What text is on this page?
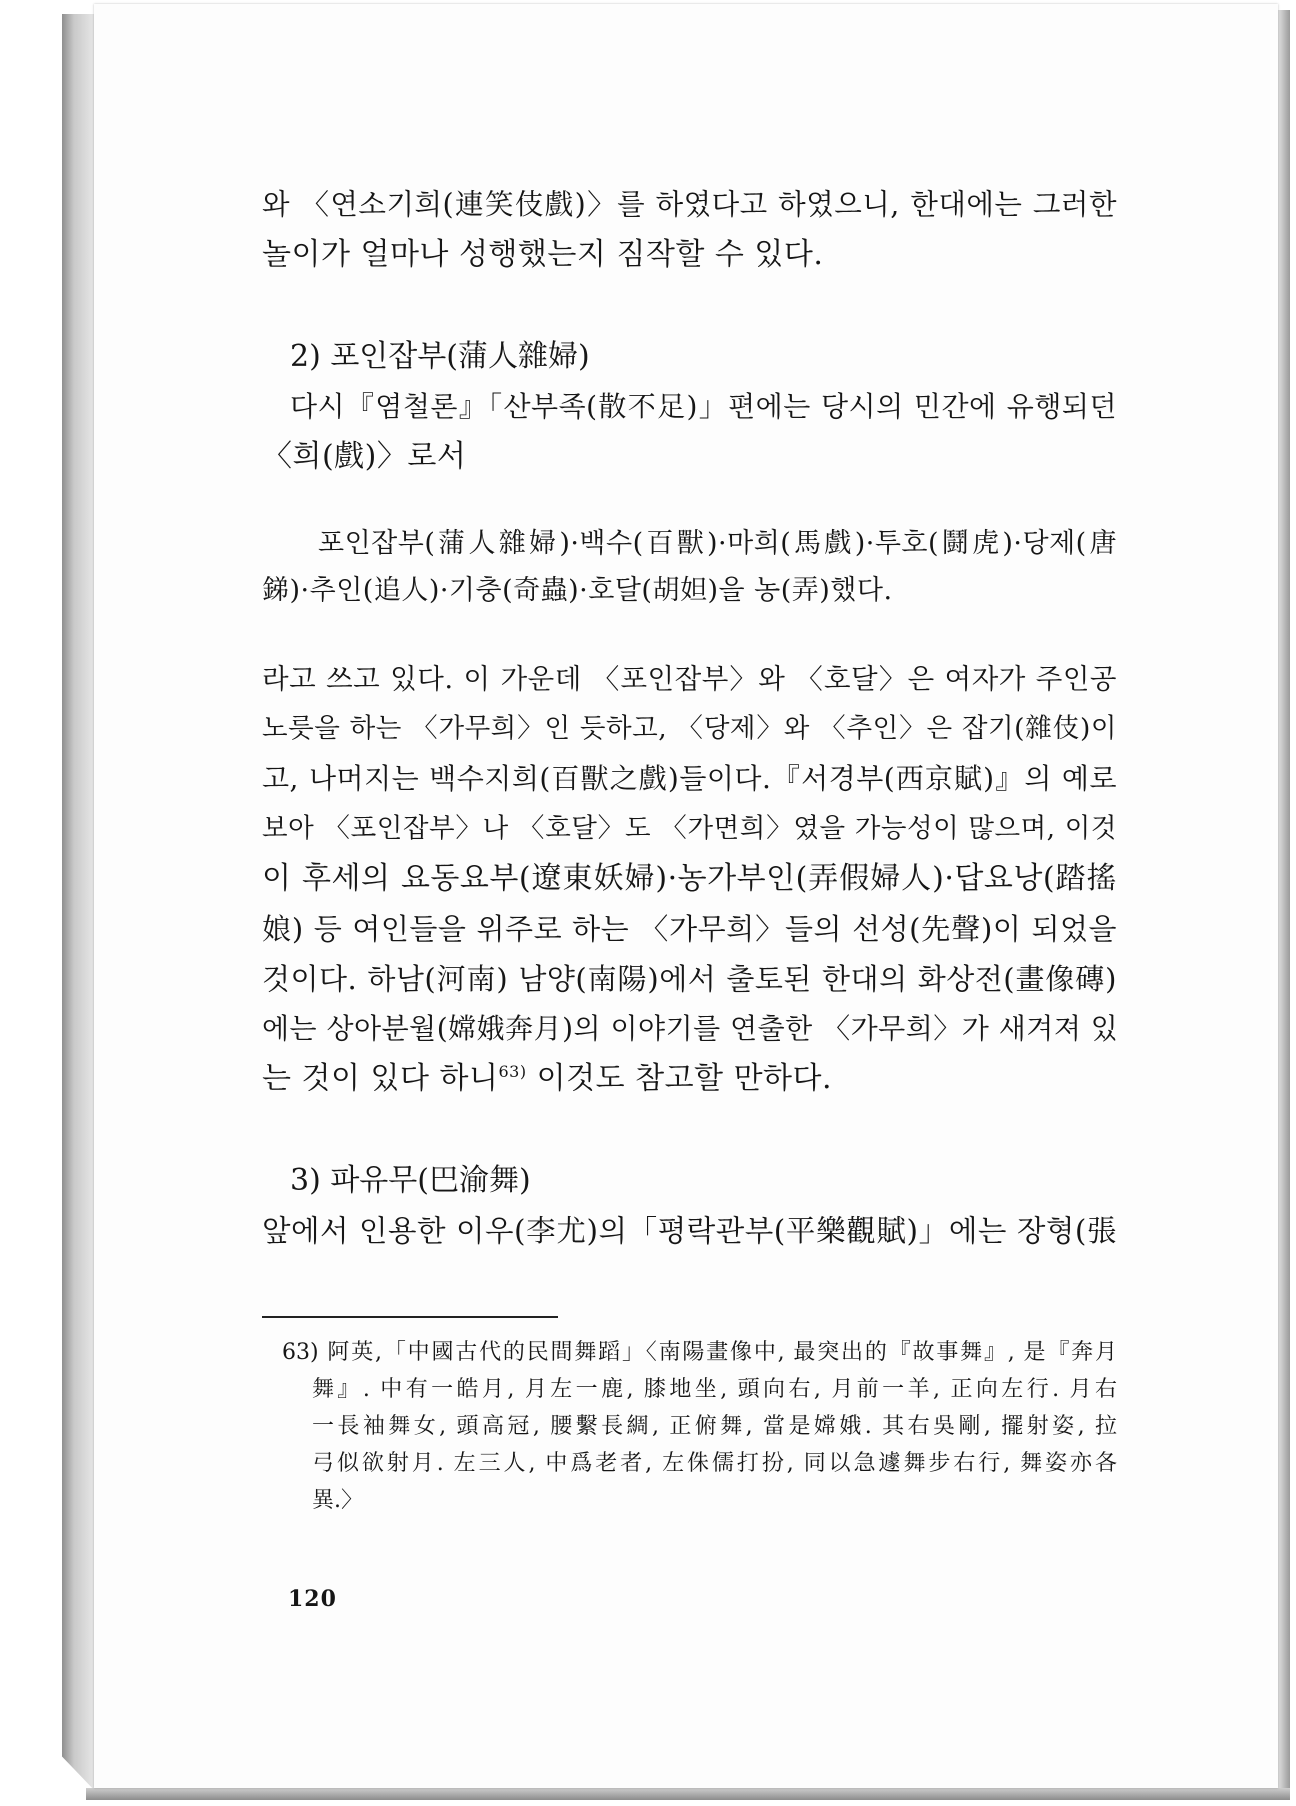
와 〈연소기희(連笑伎戲)〉를 하였다고 하였으니, 한대에는 그러한
놀이가 얼마나 성행했는지 짐작할 수 있다.
2) 포인잡부(蒲人雜婦)
다시『염철론』「산부족(散不足)」편에는 당시의 민간에 유행되던
〈희(戲)〉로서
포인잡부(蒲人雜婦)·백수(百獸)·마희(馬戲)·투호(鬪虎)·당제(唐
銻)·추인(追人)·기충(奇蟲)·호달(胡妲)을 농(弄)했다.
라고 쓰고 있다. 이 가운데 〈포인잡부〉와 〈호달〉은 여자가 주인공
노릇을 하는 〈가무희〉인 듯하고, 〈당제〉와 〈추인〉은 잡기(雜伎)이
고, 나머지는 백수지희(百獸之戲)들이다.『서경부(西京賦)』의 예로
보아 〈포인잡부〉나 〈호달〉도 〈가면희〉였을 가능성이 많으며, 이것
이 후세의 요동요부(遼東妖婦)·농가부인(弄假婦人)·답요낭(踏搖
娘) 등 여인들을 위주로 하는 〈가무희〉들의 선성(先聲)이 되었을
것이다. 하남(河南) 남양(南陽)에서 출토된 한대의 화상전(畫像磚)
에는 상아분월(嫦娥奔月)의 이야기를 연출한 〈가무희〉가 새겨져 있
는 것이 있다 하니$^{63)}$ 이것도 참고할 만하다.
3) 파유무(巴渝舞)
앞에서 인용한 이우(李尤)의「평락관부(平樂觀賦)」에는 장형(張
63) 阿英,「中國古代的民間舞蹈」〈南陽畫像中, 最突出的『故事舞』, 是『奔月
舞』. 中有一皓月, 月左一鹿, 膝地坐, 頭向右, 月前一羊, 正向左行. 月右
一長袖舞女, 頭高冠, 腰繫長綢, 正俯舞, 當是嫦娥. 其右吳剛, 擺射姿, 拉
弓似欲射月. 左三人, 中爲老者, 左侏儒打扮, 同以急遽舞步右行, 舞姿亦各
異.〉
120
